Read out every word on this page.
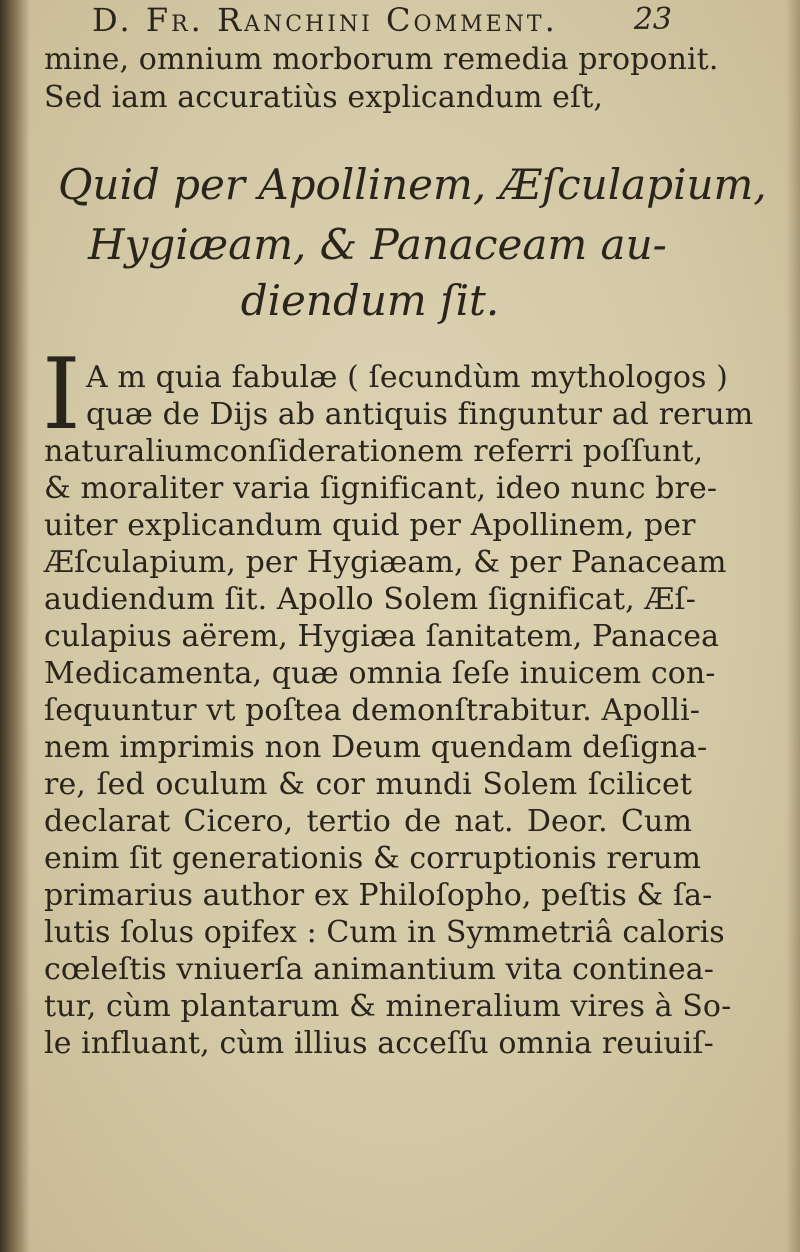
D. Fr. Ranchini Comment.	23
mine, omnium morborum remedia proponit.
Sed iam accuratiùs explicandum eſt,
Quid per Apollinem, Æſculapium,
Hygiæam, & Panaceam au-
diendum ſit.
I A m quia fabulæ ( ſecundùm mythologos )
quæ de Dijs ab antiquis finguntur ad rerum
naturaliumconſiderationem referri poſſunt,
& moraliter varia ſignificant, ideo nunc bre-
uiter explicandum quid per Apollinem, per
Æſculapium, per Hygiæam, & per Panaceam
audiendum ſit. Apollo Solem ſignificat, Æſ-
culapius aërem, Hygiæa ſanitatem, Panacea
Medicamenta, quæ omnia ſeſe inuicem con-
ſequuntur vt poſtea demonſtrabitur. Apolli-
nem imprimis non Deum quendam deſigna-
re, ſed oculum & cor mundi Solem ſcilicet
declarat Cicero, tertio de nat. Deor. Cum
enim ſit generationis & corruptionis rerum
primarius author ex Philoſopho, peſtis & ſa-
lutis ſolus opifex : Cum in Symmetriâ caloris
cœleſtis vniuerſa animantium vita contineа-
tur, cùm plantarum & mineralium vires à So-
le influant, cùm illius acceſſu omnia reuiuiſ-
